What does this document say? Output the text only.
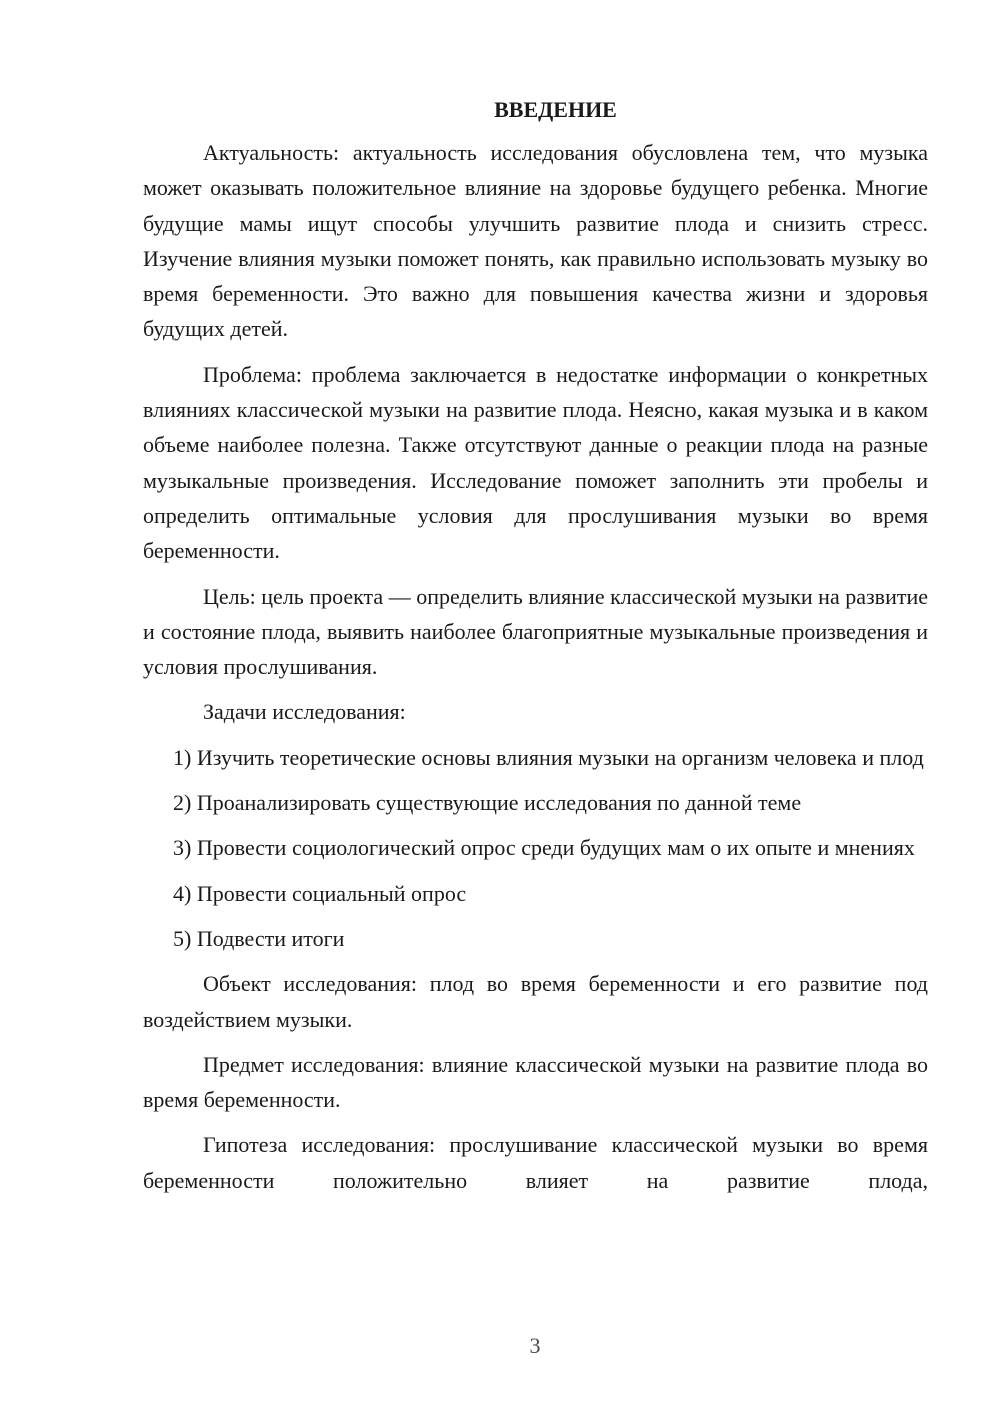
ВВЕДЕНИЕ

Актуальность: актуальность исследования обусловлена тем, что музыка может оказывать положительное влияние на здоровье будущего ребенка. Многие будущие мамы ищут способы улучшить развитие плода и снизить стресс. Изучение влияния музыки поможет понять, как правильно использовать музыку во время беременности. Это важно для повышения качества жизни и здоровья будущих детей.

Проблема: проблема заключается в недостатке информации о конкретных влияниях классической музыки на развитие плода. Неясно, какая музыка и в каком объеме наиболее полезна. Также отсутствуют данные о реакции плода на разные музыкальные произведения. Исследование поможет заполнить эти пробелы и определить оптимальные условия для прослушивания музыки во время беременности.

Цель: цель проекта — определить влияние классической музыки на развитие и состояние плода, выявить наиболее благоприятные музыкальные произведения и условия прослушивания.

Задачи исследования:

1) Изучить теоретические основы влияния музыки на организм человека и плод

2) Проанализировать существующие исследования по данной теме

3) Провести социологический опрос среди будущих мам о их опыте и мнениях

4) Провести социальный опрос

5) Подвести итоги

Объект исследования: плод во время беременности и его развитие под воздействием музыки.

Предмет исследования: влияние классической музыки на развитие плода во время беременности.

Гипотеза исследования: прослушивание классической музыки во время беременности положительно влияет на развитие плода,

3
